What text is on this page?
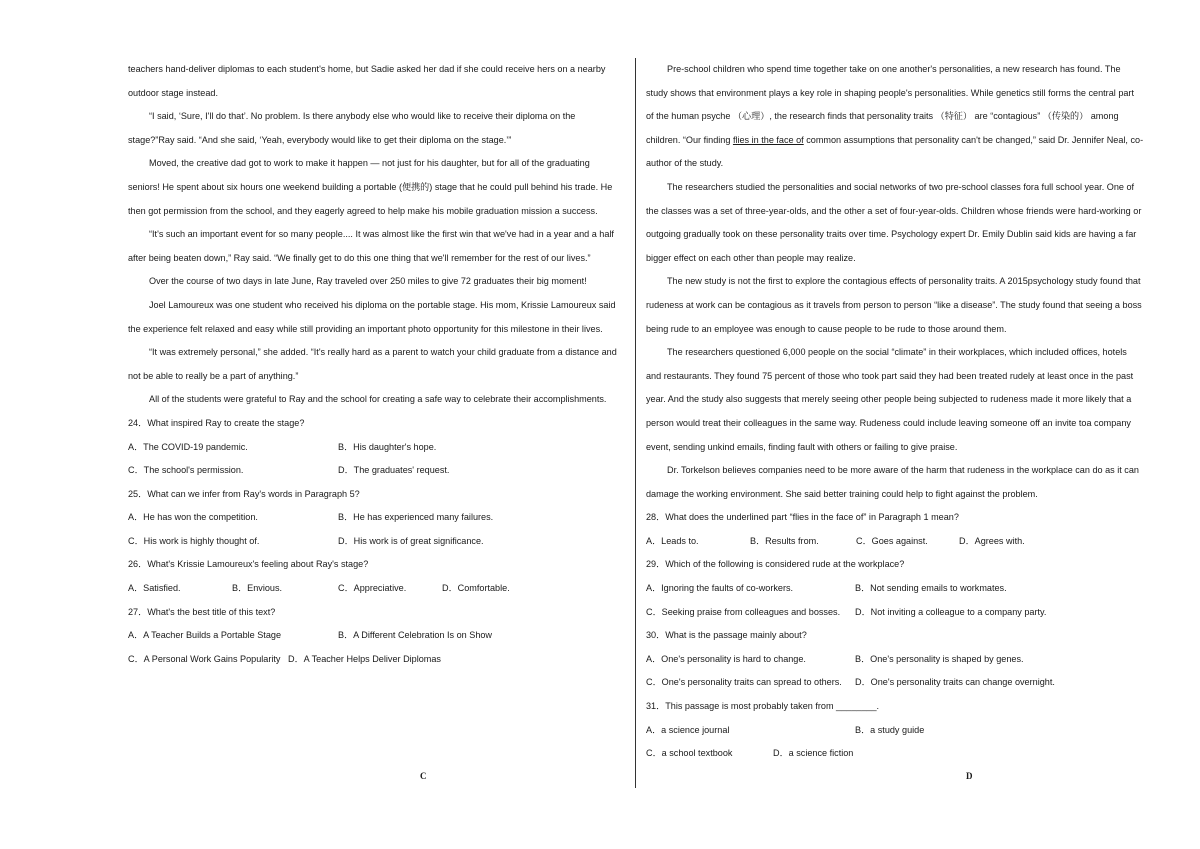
teachers hand-deliver diplomas to each student's home, but Sadie asked her dad if she could receive hers on a nearby outdoor stage instead.

“I said, ‘Sure, I'll do that’. No problem. Is there anybody else who would like to receive their diploma on the stage?”Ray said. “And she said, ‘Yeah, everybody would like to get their diploma on the stage.’”

Moved, the creative dad got to work to make it happen — not just for his daughter, but for all of the graduating seniors! He spent about six hours one weekend building a portable (便携的) stage that he could pull behind his trade. He then got permission from the school, and they eagerly agreed to help make his mobile graduation mission a success.

“It's such an important event for so many people.... It was almost like the first win that we've had in a year and a half after being beaten down,” Ray said. “We finally get to do this one thing that we'll remember for the rest of our lives.”

Over the course of two days in late June, Ray traveled over 250 miles to give 72 graduates their big moment!

Joel Lamoureux was one student who received his diploma on the portable stage. His mom, Krissie Lamoureux said the experience felt relaxed and easy while still providing an important photo opportunity for this milestone in their lives.

“It was extremely personal,” she added. “It's really hard as a parent to watch your child graduate from a distance and not be able to really be a part of anything.”

All of the students were grateful to Ray and the school for creating a safe way to celebrate their accomplishments.

24．What inspired Ray to create the stage?

A．The COVID-19 pandemic.	B．His daughter's hope.
C．The school's permission.	D．The graduates' request.

25．What can we infer from Ray's words in Paragraph 5?

A．He has won the competition.	B．He has experienced many failures.
C．His work is highly thought of.	D．His work is of great significance.

26．What's Krissie Lamoureux's feeling about Ray's stage?

A．Satisfied.	B．Envious.	C．Appreciative.	D．Comfortable.

27．What's the best title of this text?

A．A Teacher Builds a Portable Stage	B．A Different Celebration Is on Show
C．A Personal Work Gains Popularity D．A Teacher Helps Deliver Diplomas

Pre-school children who spend time together take on one another's personalities, a new research has found. The study shows that environment plays a key role in shaping people's personalities. While genetics still forms the central part of the human psyche （心理）, the research finds that personality traits （特征） are “contagious” （传染的） among children. “Our finding flies in the face of common assumptions that personality can't be changed,” said Dr. Jennifer Neal, co-author of the study.

The researchers studied the personalities and social networks of two pre-school classes fora full school year. One of the classes was a set of three-year-olds, and the other a set of four-year-olds. Children whose friends were hard-working or outgoing gradually took on these personality traits over time. Psychology expert Dr. Emily Dublin said kids are having a far bigger effect on each other than people may realize.

The new study is not the first to explore the contagious effects of personality traits. A 2015psychology study found that rudeness at work can be contagious as it travels from person to person “like a disease”. The study found that seeing a boss being rude to an employee was enough to cause people to be rude to those around them.

The researchers questioned 6,000 people on the social “climate” in their workplaces, which included offices, hotels and restaurants. They found 75 percent of those who took part said they had been treated rudely at least once in the past year. And the study also suggests that merely seeing other people being subjected to rudeness made it more likely that a person would treat their colleagues in the same way. Rudeness could include leaving someone off an invite toa company event, sending unkind emails, finding fault with others or failing to give praise.

Dr. Torkelson believes companies need to be more aware of the harm that rudeness in the workplace can do as it can damage the working environment. She said better training could help to fight against the problem.

28．What does the underlined part “flies in the face of” in Paragraph 1 mean?

A．Leads to.	B．Results from.	C．Goes against.	D．Agrees with.

29．Which of the following is considered rude at the workplace?

A．Ignoring the faults of co-workers.	B．Not sending emails to workmates.
C．Seeking praise from colleagues and bosses. D．Not inviting a colleague to a company party.

30．What is the passage mainly about?

A．One's personality is hard to change.	B．One's personality is shaped by genes.
C．One's personality traits can spread to others. D．One's personality traits can change overnight.

31．This passage is most probably taken from ________.

A．a science journal	B．a study guide
C．a school textbook	D．a science fiction
C	D
